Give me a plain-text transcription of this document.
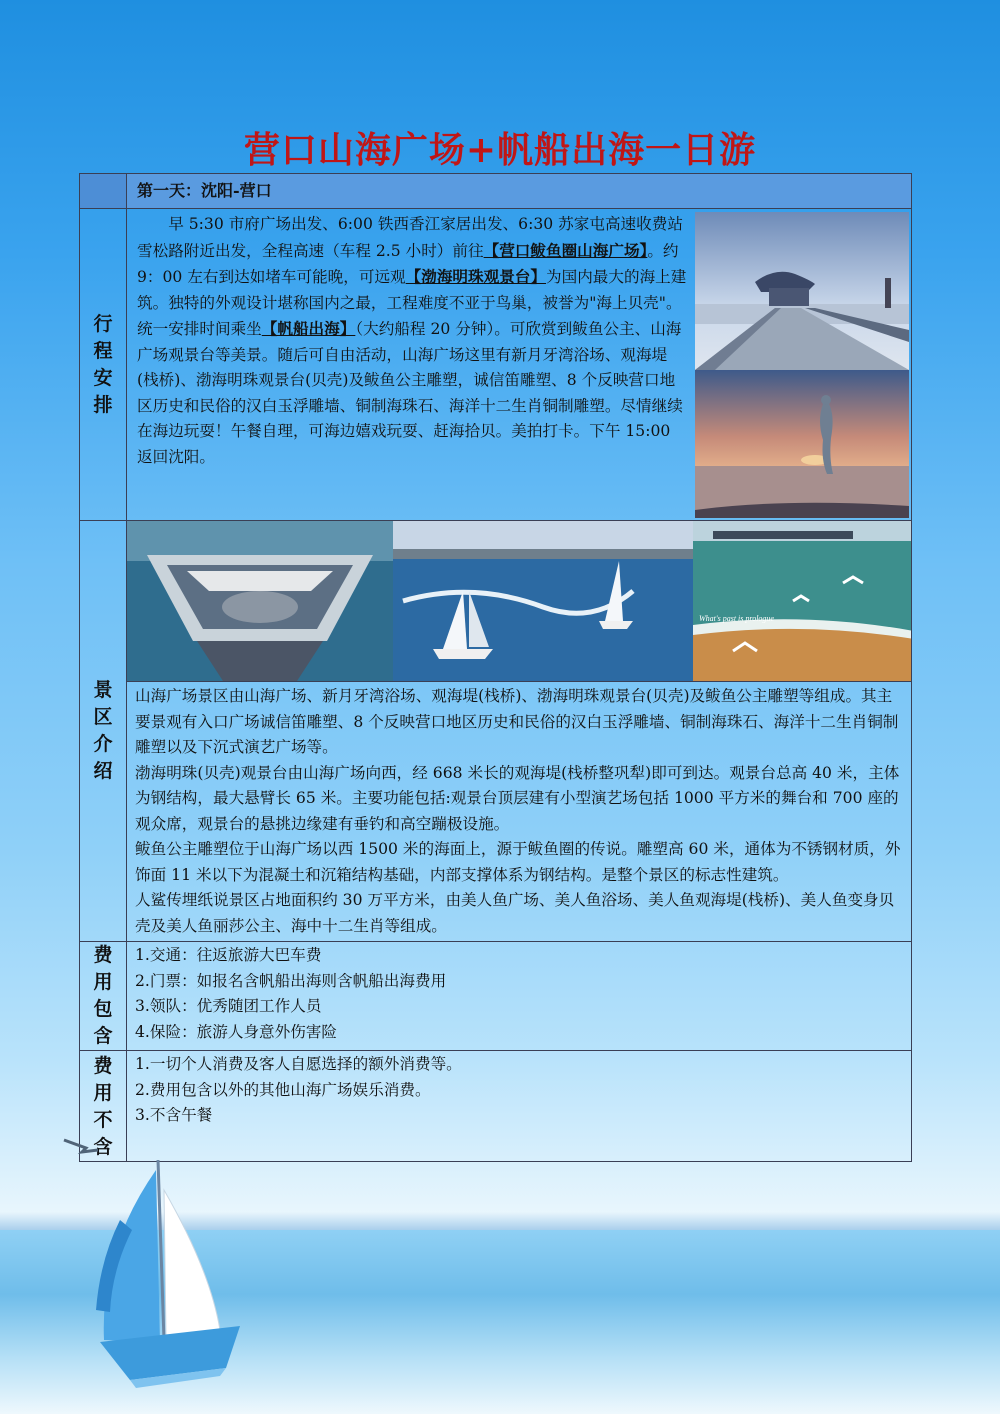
营口山海广场+帆船出海一日游
	第一天：沈阳-营口

行程安排	早 5:30 市府广场出发、6:00 铁西香江家居出发、6:30 苏家屯高速收费站雪松路附近出发，全程高速（车程 2.5 小时）前往【营口鲅鱼圈山海广场】。约 9：00 左右到达如堵车可能晚，可远观【渤海明珠观景台】为国内最大的海上建筑。独特的外观设计堪称国内之最，工程难度不亚于鸟巢，被誉为"海上贝壳"。统一安排时间乘坐【帆船出海】（大约船程 20 分钟）。可欣赏到鲅鱼公主、山海广场观景台等美景。随后可自由活动，山海广场这里有新月牙湾浴场、观海堤(栈桥)、渤海明珠观景台(贝壳)及鲅鱼公主雕塑，诚信笛雕塑、8 个反映营口地区历史和民俗的汉白玉浮雕墙、铜制海珠石、海洋十二生肖铜制雕塑。尽情继续在海边玩耍！午餐自理，可海边嬉戏玩耍、赶海拾贝。美拍打卡。下午 15:00 返回沈阳。

景区介绍	What's past is prologue
山海广场景区由山海广场、新月牙湾浴场、观海堤(栈桥)、渤海明珠观景台(贝壳)及鲅鱼公主雕塑等组成。其主要景观有入口广场诚信笛雕塑、8 个反映营口地区历史和民俗的汉白玉浮雕墙、铜制海珠石、海洋十二生肖铜制雕塑以及下沉式演艺广场等。
渤海明珠(贝壳)观景台由山海广场向西，经 668 米长的观海堤(栈桥整巩犁)即可到达。观景台总高 40 米，主体为钢结构，最大悬臂长 65 米。主要功能包括:观景台顶层建有小型演艺场包括 1000 平方米的舞台和 700 座的观众席，观景台的悬挑边缘建有垂钓和高空蹦极设施。
鲅鱼公主雕塑位于山海广场以西 1500 米的海面上，源于鲅鱼圈的传说。雕塑高 60 米，通体为不锈钢材质，外饰面 11 米以下为混凝土和沉箱结构基础，内部支撑体系为钢结构。是整个景区的标志性建筑。
人鲨传埋纸说景区占地面积约 30 万平方米，由美人鱼广场、美人鱼浴场、美人鱼观海堤(栈桥)、美人鱼变身贝壳及美人鱼丽莎公主、海中十二生肖等组成。

费用包含	1.交通：往返旅游大巴车费
2.门票：如报名含帆船出海则含帆船出海费用
3.领队：优秀随团工作人员
4.保险：旅游人身意外伤害险

费用不含	1.一切个人消费及客人自愿选择的额外消费等。
2.费用包含以外的其他山海广场娱乐消费。
3.不含午餐
